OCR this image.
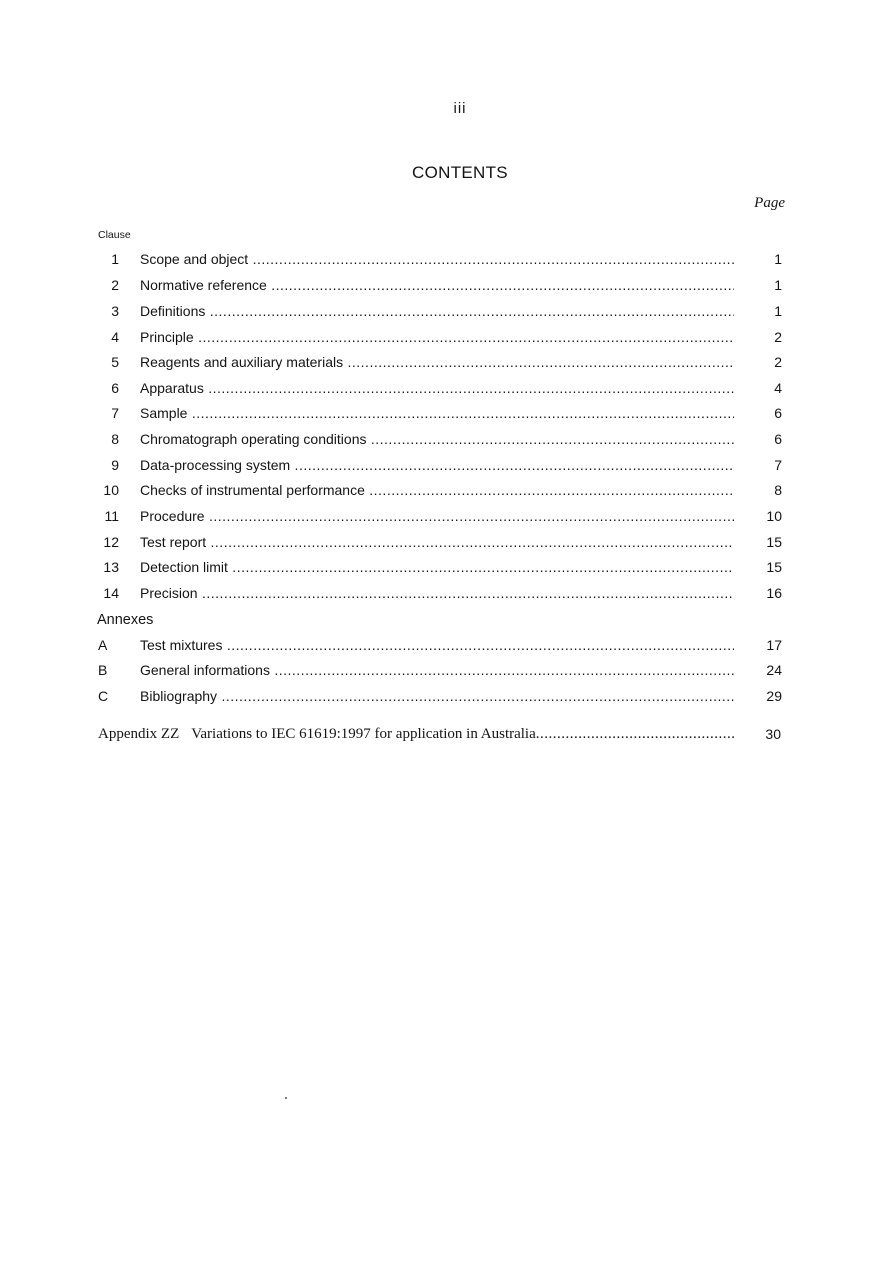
iii
CONTENTS
Page
Clause
1 Scope and object .....	1
2 Normative reference .....	1
3 Definitions .....	1
4 Principle .....	2
5 Reagents and auxiliary materials .....	2
6 Apparatus .....	4
7 Sample .....	6
8 Chromatograph operating conditions .....	6
9 Data-processing system .....	7
10 Checks of instrumental performance .....	8
11 Procedure .....	10
12 Test report .....	15
13 Detection limit .....	15
14 Precision .....	16
Annexes
A Test mixtures .....	17
B General informations .....	24
C Bibliography .....	29
Appendix ZZ Variations to IEC 61619:1997 for application in Australia .....	30
